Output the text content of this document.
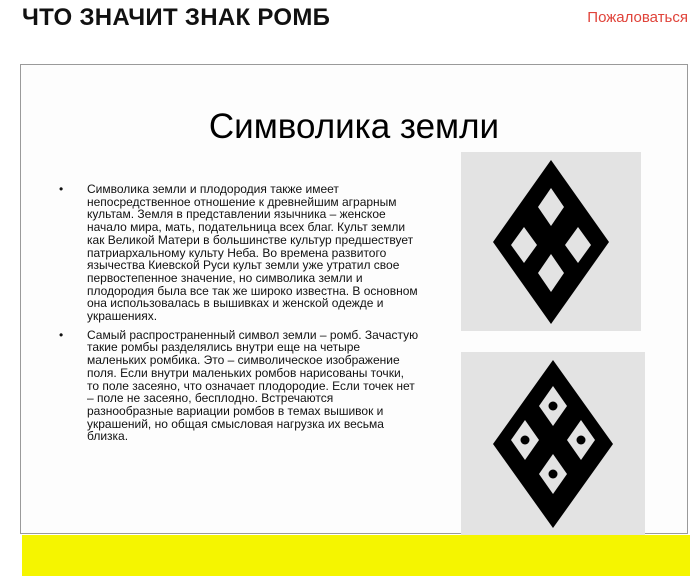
ЧТО ЗНАЧИТ ЗНАК РОМБ	Пожаловаться
Символика земли
• Символика земли и плодородия также имеет непосредственное отношение к древнейшим аграрным культам. Земля в представлении язычника – женское начало мира, мать, подательница всех благ. Культ земли как Великой Матери в большинстве культур предшествует патриархальному культу Неба. Во времена развитого язычества Киевской Руси культ земли уже утратил свое первостепенное значение, но символика земли и плодородия была все так же широко известна. В основном она использовалась в вышивках и женской одежде и украшениях.
• Самый распространенный символ земли – ромб. Зачастую такие ромбы разделялись внутри еще на четыре маленьких ромбика. Это – символическое изображение поля. Если внутри маленьких ромбов нарисованы точки, то поле засеяно, что означает плодородие. Если точек нет – поле не засеяно, бесплодно. Встречаются разнообразные вариации ромбов в темах вышивок и украшений, но общая смысловая нагрузка их весьма близка.
